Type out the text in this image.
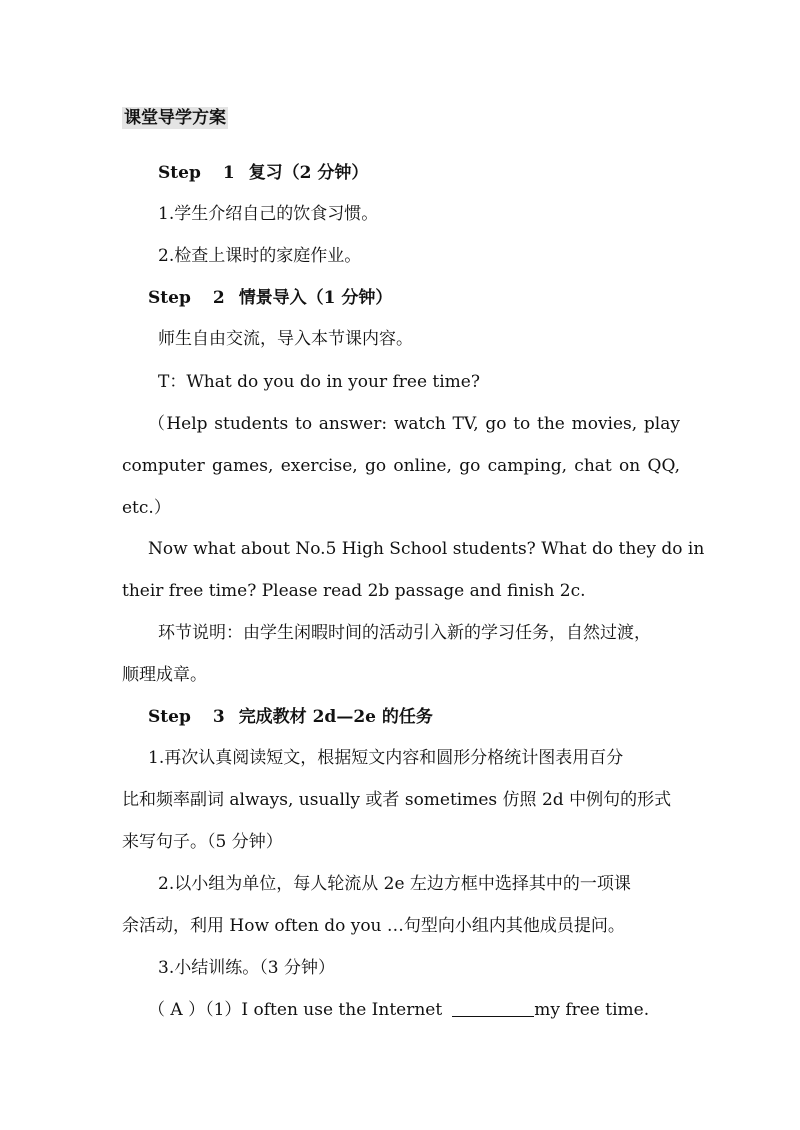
课堂导学方案
Step 1 复习（2 分钟）
1.学生介绍自己的饮食习惯。
2.检查上课时的家庭作业。
Step 2 情景导入（1 分钟）
师生自由交流，导入本节课内容。
T：What do you do in your free time?
（Help students to answer: watch TV, go to the movies, play
computer games, exercise, go online, go camping, chat on QQ,
etc.）
Now what about No.5 High School students? What do they do in
their free time? Please read 2b passage and finish 2c.
环节说明：由学生闲暇时间的活动引入新的学习任务，自然过渡，
顺理成章。
Step 3 完成教材 2d—2e 的任务
1.再次认真阅读短文，根据短文内容和圆形分格统计图表用百分
比和频率副词 always, usually 或者 sometimes 仿照 2d 中例句的形式
来写句子。（5 分钟）
2.以小组为单位，每人轮流从 2e 左边方框中选择其中的一项课
余活动，利用 How often do you …句型向小组内其他成员提问。
3.小结训练。（3 分钟）
（ A ）（1）I often use the Internet	my free time.
